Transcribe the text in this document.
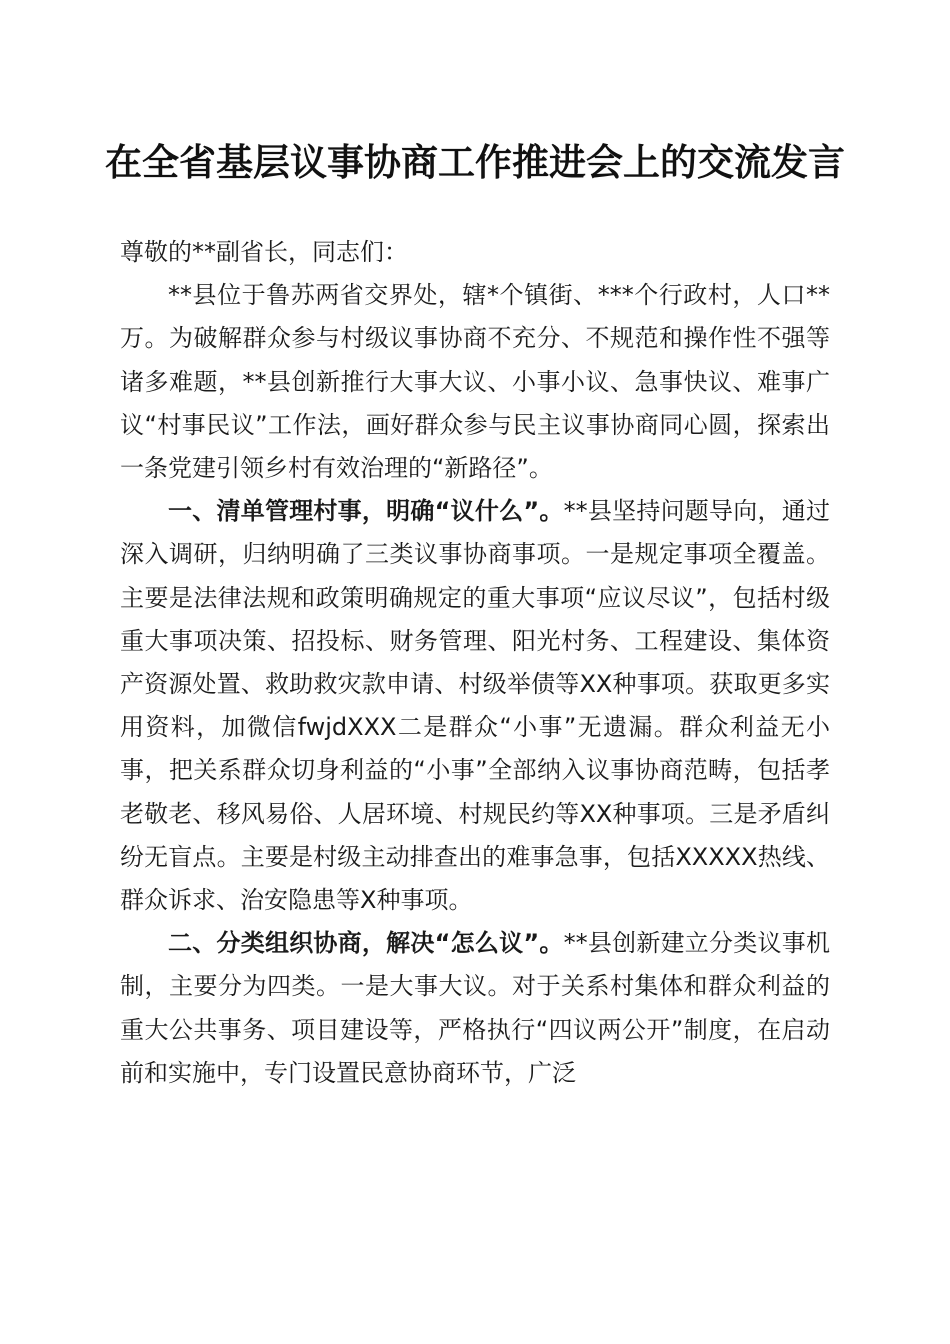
在全省基层议事协商工作推进会上的交流发言

尊敬的**副省长，同志们：

**县位于鲁苏两省交界处，辖*个镇街、***个行政村，人口**万。为破解群众参与村级议事协商不充分、不规范和操作性不强等诸多难题，**县创新推行大事大议、小事小议、急事快议、难事广议“村事民议”工作法，画好群众参与民主议事协商同心圆，探索出一条党建引领乡村有效治理的“新路径”。

一、清单管理村事，明确“议什么”。**县坚持问题导向，通过深入调研，归纳明确了三类议事协商事项。一是规定事项全覆盖。主要是法律法规和政策明确规定的重大事项“应议尽议”，包括村级重大事项决策、招投标、财务管理、阳光村务、工程建设、集体资产资源处置、救助救灾款申请、村级举债等XX种事项。获取更多实用资料，加微信fwjdXXX二是群众“小事”无遗漏。群众利益无小事，把关系群众切身利益的“小事”全部纳入议事协商范畴，包括孝老敬老、移风易俗、人居环境、村规民约等XX种事项。三是矛盾纠纷无盲点。主要是村级主动排查出的难事急事，包括XXXXX热线、群众诉求、治安隐患等X种事项。

二、分类组织协商，解决“怎么议”。**县创新建立分类议事机制，主要分为四类。一是大事大议。对于关系村集体和群众利益的重大公共事务、项目建设等，严格执行“四议两公开”制度，在启动前和实施中，专门设置民意协商环节，广泛
